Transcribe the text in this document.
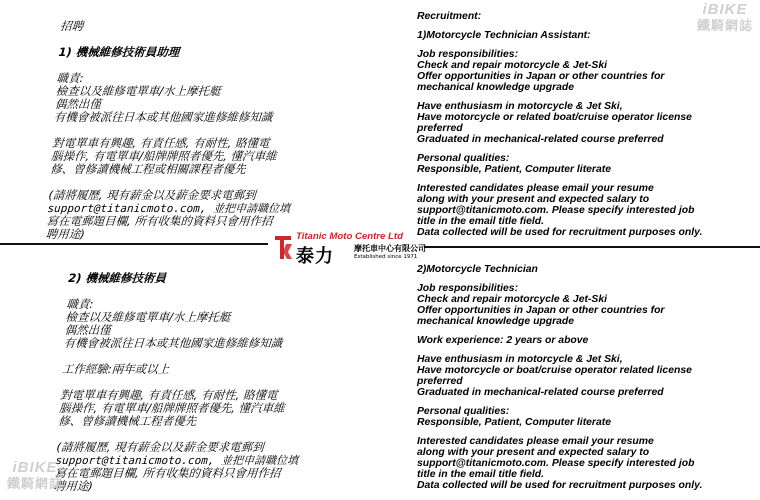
招聘
1) 機械維修技術員助理
職責:
檢查以及維修電單車/水上摩托艇
偶然出僅
有機會被派往日本或其他國家進修維修知識
對電單車有興趣, 有責任感, 有耐性, 賂懂電
腦操作, 有電單車/船牌牌照者優先, 懂汽車維
修、曾修讀機械工程或相關課程者優先
(請將履歷, 現有薪金以及薪金要求電郵到
support@titanicmoto.com, 並把申請職位填
寫在電郵題目欄, 所有收集的資料只會用作招
聘用途)
Recruitment:
1)Motorcycle Technician Assistant:
Job responsibilities:
Check and repair motorcycle & Jet-Ski
Offer opportunities in Japan or other countries for
mechanical knowledge upgrade
Have enthusiasm in motorcycle & Jet Ski,
Have motorcycle or related boat/cruise operator license
preferred
Graduated in mechanical-related course preferred
Personal qualities:
Responsible, Patient, Computer literate
Interested candidates please email your resume
along with your present and expected salary to
support@titanicmoto.com. Please specify interested job
title in the email title field.
Data collected will be used for recruitment purposes only.
Titanic Moto Centre Ltd
泰力	摩托車中心有限公司
Established since 1971
2) 機械維修技術員
職責:
檢查以及維修電單車/水上摩托艇
偶然出僅
有機會被派往日本或其他國家進修維修知識
工作經驗:兩年或以上
對電單車有興趣, 有責任感, 有耐性, 賂懂電
腦操作, 有電單車/船牌牌照者優先, 懂汽車維
修、曾修讀機械工程者優先
(請將履歷, 現有薪金以及薪金要求電郵到
support@titanicmoto.com, 並把申請職位填
寫在電郵題目欄, 所有收集的資料只會用作招
聘用途)
2)Motorcycle Technician
Job responsibilities:
Check and repair motorcycle & Jet-Ski
Offer opportunities in Japan or other countries for
mechanical knowledge upgrade
Work experience: 2 years or above
Have enthusiasm in motorcycle & Jet Ski,
Have motorcycle or boat/cruise operator related license
preferred
Graduated in mechanical-related course preferred
Personal qualities:
Responsible, Patient, Computer literate
Interested candidates please email your resume
along with your present and expected salary to
support@titanicmoto.com. Please specify interested job
title in the email title field.
Data collected will be used for recruitment purposes only.
iBIKE
鐵騎網誌
iBIKE
鐵騎網誌
